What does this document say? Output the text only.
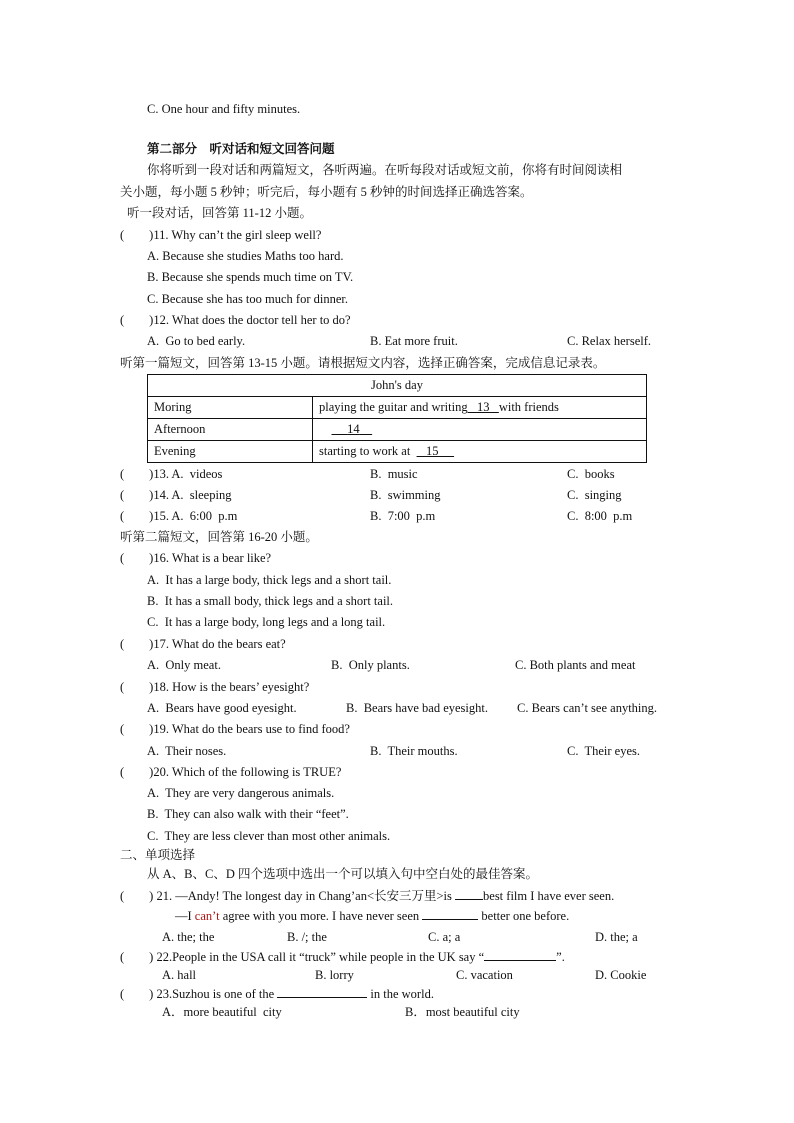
C. One hour and fifty minutes.
第二部分　听对话和短文回答问题
你将听到一段对话和两篇短文，各听两遍。在听每段对话或短文前，你将有时间阅读相
关小题，每小题 5 秒钟；听完后，每小题有 5 秒钟的时间选择正确选答案。
听一段对话，回答第 11-12 小题。
(　　)11. Why can’t the girl sleep well?
A. Because she studies Maths too hard.
B. Because she spends much time on TV.
C. Because she has too much for dinner.
(　　)12. What does the doctor tell her to do?
A.  Go to bed early.	B. Eat more fruit.	C. Relax herself.
听第一篇短文，回答第 13-15 小题。请根据短文内容，选择正确答案，完成信息记录表。
John's day	
Moring	playing the guitar and writing 13 with friends
Afternoon	14
Evening	starting to work at 15
(　　)13. A.  videos	B.  music	C.  books
(　　)14. A.  sleeping	B.  swimming	C.  singing
(　　)15. A.  6:00  p.m	B.  7:00  p.m	C.  8:00  p.m
听第二篇短文，回答第 16-20 小题。
(　　)16. What is a bear like?
A.  It has a large body, thick legs and a short tail.
B.  It has a small body, thick legs and a short tail.
C.  It has a large body, long legs and a long tail.
(　　)17. What do the bears eat?
A.  Only meat.	B.  Only plants.	C. Both plants and meat
(　　)18. How is the bears’ eyesight?
A.  Bears have good eyesight.	B.  Bears have bad eyesight. C. Bears can’t see anything.
(　　)19. What do the bears use to find food?
A.  Their noses.	B.  Their mouths.	C.  Their eyes.
(　　)20. Which of the following is TRUE?
A.  They are very dangerous animals.
B.  They can also walk with their “feet”.
C.  They are less clever than most other animals.
二、单项选择
从 A、B、C、D 四个选项中选出一个可以填入句中空白处的最佳答案。
(　　) 21. —Andy! The longest day in Chang’an<长安三万里>is best film I have ever seen.
—I can’t agree with you more. I have never seen	better one before.
A. the; the	B. /; the	C. a; a	D. the; a
(　　) 22.People in the USA call it “truck” while people in the UK say “	”.
A. hall	B. lorry	C. vacation	D. Cookie
(　　) 23.Suzhou is one of the	in the world.
A．more beautiful  city	B．most beautiful city
